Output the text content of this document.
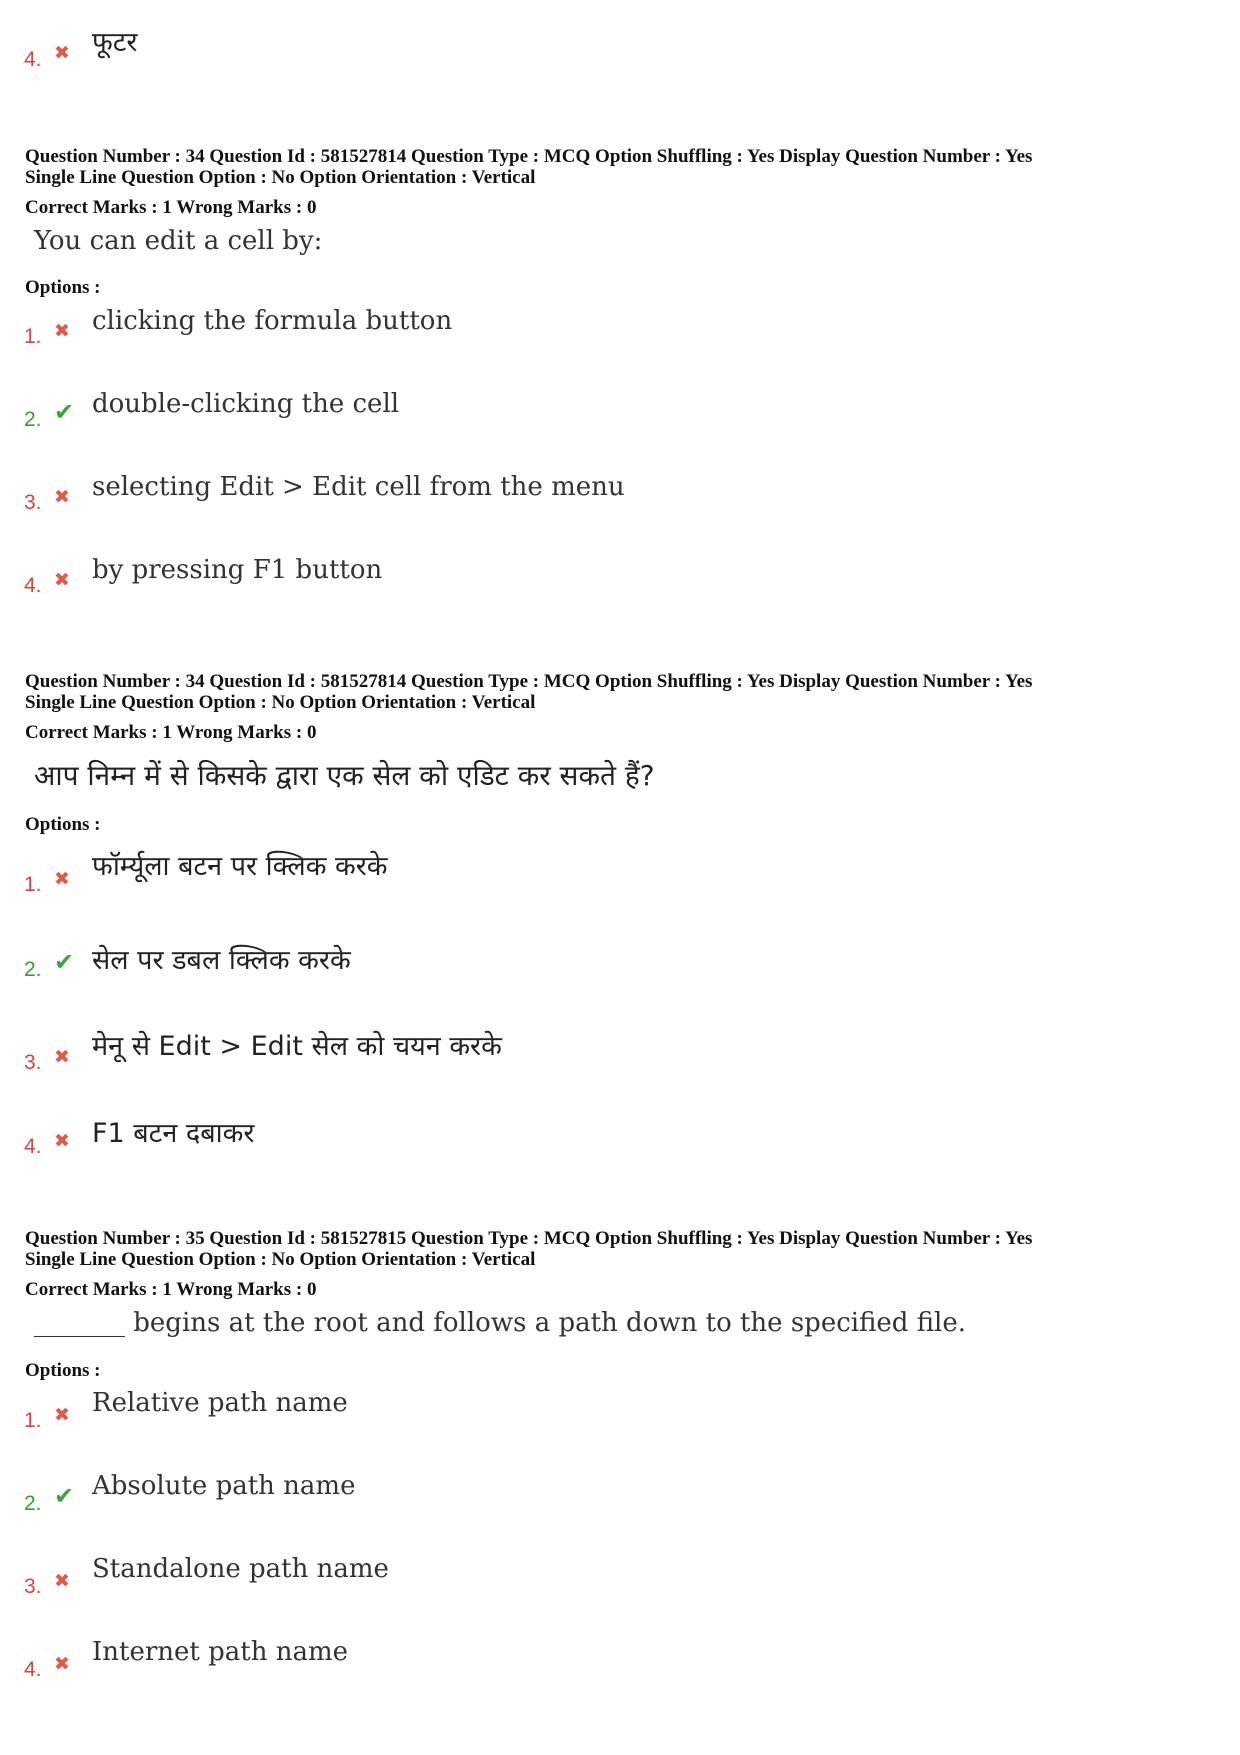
4. ✖ फूटर
Question Number : 34 Question Id : 581527814 Question Type : MCQ Option Shuffling : Yes Display Question Number : Yes
Single Line Question Option : No Option Orientation : Vertical
Correct Marks : 1 Wrong Marks : 0
You can edit a cell by:
Options :
1. ✖ clicking the formula button
2. ✔ double-clicking the cell
3. ✖ selecting Edit > Edit cell from the menu
4. ✖ by pressing F1 button
Question Number : 34 Question Id : 581527814 Question Type : MCQ Option Shuffling : Yes Display Question Number : Yes
Single Line Question Option : No Option Orientation : Vertical
Correct Marks : 1 Wrong Marks : 0
आप निम्न में से किसके द्वारा एक सेल को एडिट कर सकते हैं?
Options :
1. ✖ फॉर्म्यूला बटन पर क्लिक करके
2. ✔ सेल पर डबल क्लिक करके
3. ✖ मेनू से Edit > Edit सेल को चयन करके
4. ✖ F1 बटन दबाकर
Question Number : 35 Question Id : 581527815 Question Type : MCQ Option Shuffling : Yes Display Question Number : Yes
Single Line Question Option : No Option Orientation : Vertical
Correct Marks : 1 Wrong Marks : 0
_______ begins at the root and follows a path down to the specified file.
Options :
1. ✖ Relative path name
2. ✔ Absolute path name
3. ✖ Standalone path name
4. ✖ Internet path name
